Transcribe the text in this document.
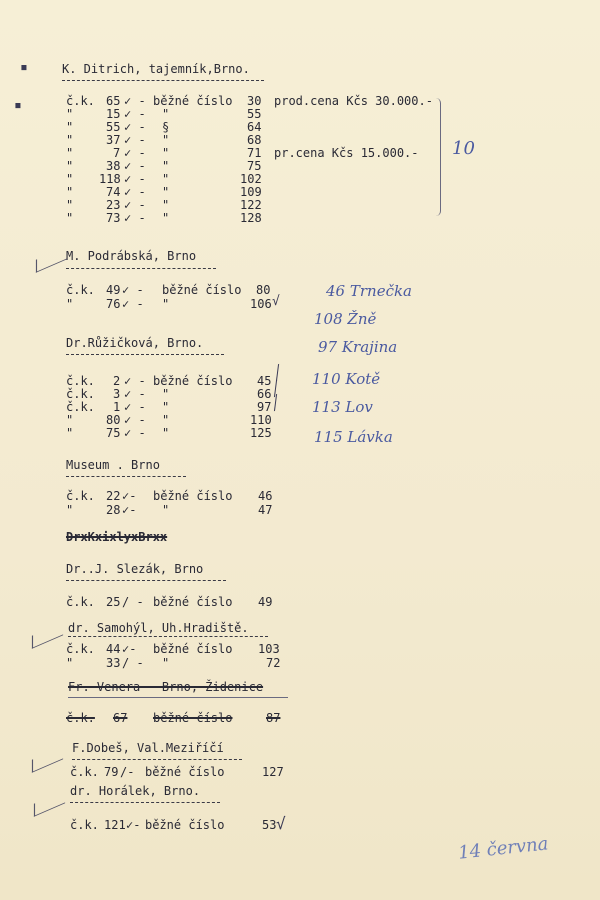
▪
▪
K. Ditrich, tajemník,Brno.
č.k. 65 ✓ - běžné číslo 30 prod.cena Kčs 30.000.-
"	15 ✓ - "	55
"	55 ✓ - §	64
"	37 ✓ - "	68
"	7 ✓ - "	71 pr.cena Kčs 15.000.-
"	38 ✓ - "	75
" 118 ✓ - "	102
"	74 ✓ - "	109
"	23 ✓ - "	122
"	73 ✓ - "	128
10
M. Podrábská, Brno
č.k. 49 ✓ - běžné číslo 80
"	76 ✓ - "	106 √
46 Trnečka
108 Žně
97 Krajina
110 Kotě
113 Lov
115 Lávka
Dr.Růžičková, Brno.
č.k. 2 ✓ - běžné číslo 45
č.k. 3 ✓ - "	66
č.k. 1 ✓ - "	97
"	80 ✓ - "	110
"	75 ✓ - "	125
╱
╱
╱
Museum . Brno
č.k. 22 ✓- běžné číslo 46
"	28 ✓- "	47
DrxKxixlyxBrxx
Dr..J. Slezák, Brno
č.k. 25 / - běžné číslo 49
dr. Samohýl, Uh.Hradiště.
č.k. 44 ✓- běžné číslo 103
"	33 / - "	72
Fr. Venera - Brno, Židenice
č.k. 67 běžné číslo	87
F.Dobeš, Val.Meziříčí
č.k. 79 /- běžné číslo	127
dr. Horálek, Brno.
č.k. 121 ✓- běžné číslo	53 √
14 června
